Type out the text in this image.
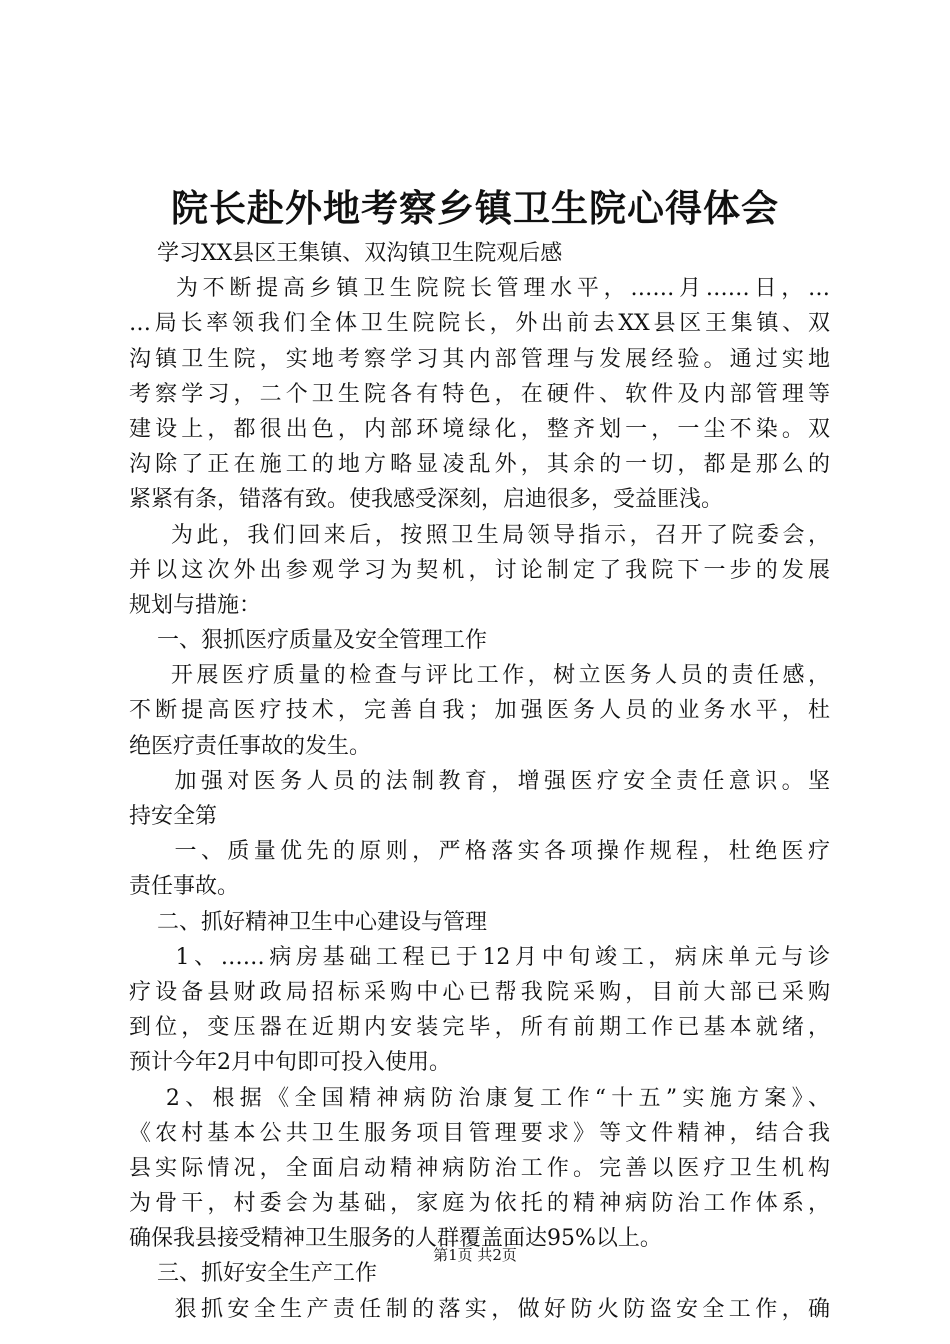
院长赴外地考察乡镇卫生院心得体会
学习XX县区王集镇、双沟镇卫生院观后感
为不断提高乡镇卫生院院长管理水平，……月……日，…
…局长率领我们全体卫生院院长，外出前去XX县区王集镇、双
沟镇卫生院，实地考察学习其内部管理与发展经验。通过实地
考察学习，二个卫生院各有特色，在硬件、软件及内部管理等
建设上，都很出色，内部环境绿化，整齐划一，一尘不染。双
沟除了正在施工的地方略显凌乱外，其余的一切，都是那么的
紧紧有条，错落有致。使我感受深刻，启迪很多，受益匪浅。
为此，我们回来后，按照卫生局领导指示，召开了院委会，
并以这次外出参观学习为契机，讨论制定了我院下一步的发展
规划与措施：
一、狠抓医疗质量及安全管理工作
开展医疗质量的检查与评比工作，树立医务人员的责任感，
不断提高医疗技术，完善自我；加强医务人员的业务水平，杜
绝医疗责任事故的发生。
加强对医务人员的法制教育，增强医疗安全责任意识。坚
持安全第
一、质量优先的原则，严格落实各项操作规程，杜绝医疗
责任事故。
二、抓好精神卫生中心建设与管理
1、……病房基础工程已于12月中旬竣工，病床单元与诊
疗设备县财政局招标采购中心已帮我院采购，目前大部已采购
到位，变压器在近期内安装完毕，所有前期工作已基本就绪，
预计今年2月中旬即可投入使用。
2、根据《全国精神病防治康复工作“十五”实施方案》、
《农村基本公共卫生服务项目管理要求》等文件精神，结合我
县实际情况，全面启动精神病防治工作。完善以医疗卫生机构
为骨干，村委会为基础，家庭为依托的精神病防治工作体系，
确保我县接受精神卫生服务的人群覆盖面达95%以上。
三、抓好安全生产工作
狠抓安全生产责任制的落实，做好防火防盗安全工作，确
第1页 共2页
